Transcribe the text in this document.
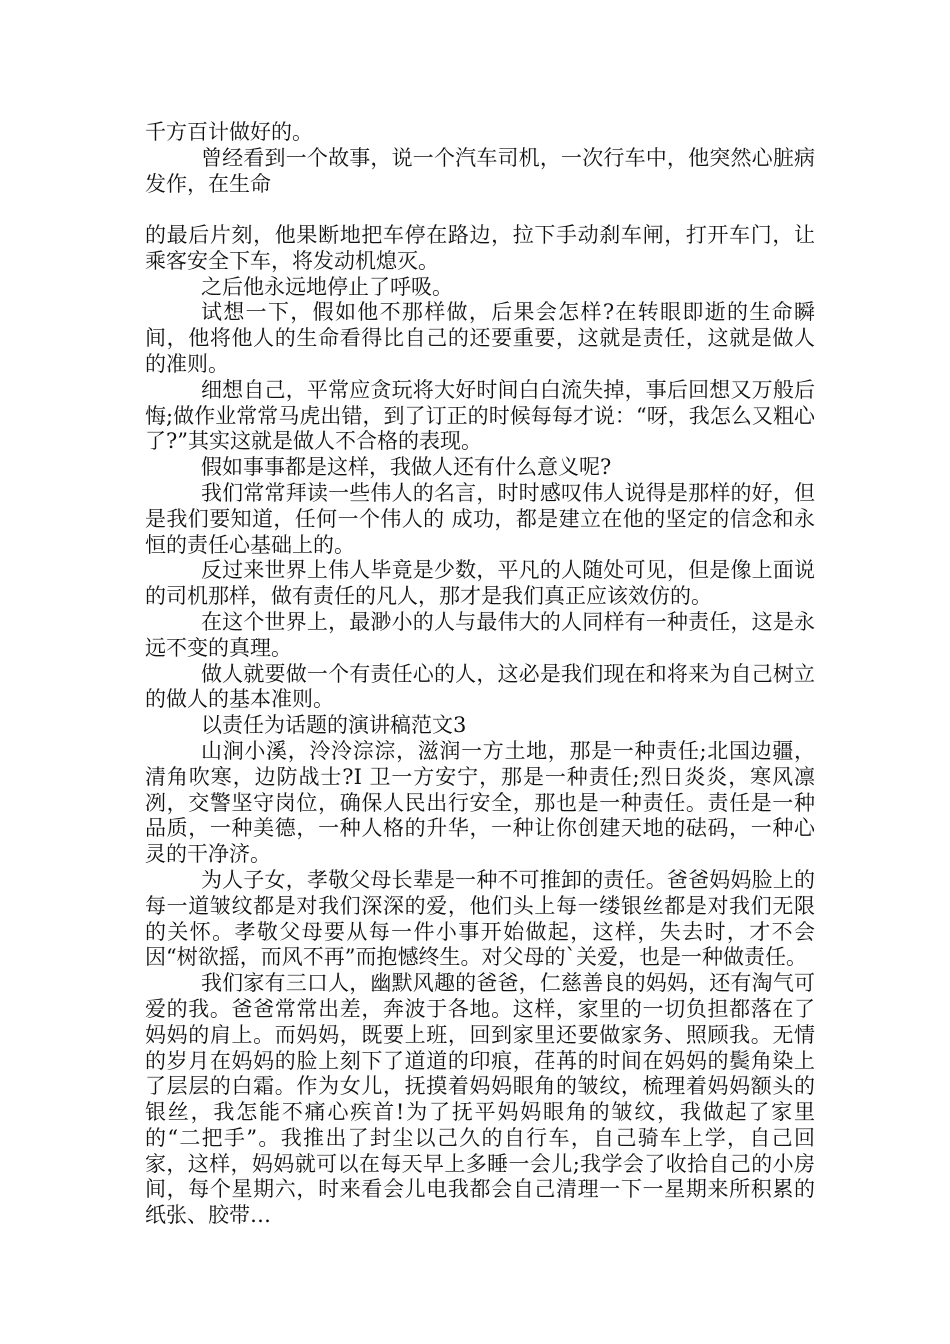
千方百计做好的。

曾经看到一个故事，说一个汽车司机，一次行车中，他突然心脏病发作，在生命

的最后片刻，他果断地把车停在路边，拉下手动刹车闸，打开车门，让乘客安全下车，将发动机熄灭。

之后他永远地停止了呼吸。

试想一下，假如他不那样做，后果会怎样?在转眼即逝的生命瞬间，他将他人的生命看得比自己的还要重要，这就是责任，这就是做人 的准则。

细想自己，平常应贪玩将大好时间白白流失掉，事后回想又万般后悔;做作业常常马虎出错，到了订正的时候每每才说：“呀，我怎么又粗心了?”其实这就是做人不合格的表现。

假如事事都是这样，我做人还有什么意义呢?

我们常常拜读一些伟人的名言，时时感叹伟人说得是那样的好，但是我们要知道，任何一个伟人的 成功，都是建立在他的坚定的信念和永恒的责任心基础上的。

反过来世界上伟人毕竟是少数，平凡的人随处可见，但是像上面说的司机那样，做有责任的凡人，那才是我们真正应该效仿的。

在这个世界上，最渺小的人与最伟大的人同样有一种责任，这是永远不变的真理。

做人就要做一个有责任心的人，这必是我们现在和将来为自己树立的做人的基本准则。

以责任为话题的演讲稿范文3

山涧小溪，泠泠淙淙，滋润一方土地，那是一种责任;北国边疆，清角吹寒，边防战士?I 卫一方安宁，那是一种责任;烈日炎炎，寒风凛冽，交警坚守岗位，确保人民出行安全，那也是一种责任。责任是一种品质，一种美德，一种人格的升华，一种让你创建天地的砝码，一种心灵的干净济。

为人子女，孝敬父母长辈是一种不可推卸的责任。爸爸妈妈脸上的每一道皱纹都是对我们深深的爱，他们头上每一缕银丝都是对我们无限的关怀。孝敬父母要从每一件小事开始做起，这样，失去时，才不会因“树欲摇，而风不再”而抱憾终生。对父母的`关爱，也是一种做责任。

我们家有三口人，幽默风趣的爸爸，仁慈善良的妈妈，还有淘气可爱的我。爸爸常常出差，奔波于各地。这样，家里的一切负担都落在了妈妈的肩上。而妈妈，既要上班，回到家里还要做家务、照顾我。无情的岁月在妈妈的脸上刻下了道道的印痕，荏苒的时间在妈妈的鬓角染上了层层的白霜。作为女儿，抚摸着妈妈眼角的皱纹，梳理着妈妈额头的银丝，我怎能不痛心疾首!为了抚平妈妈眼角的皱纹，我做起了家里的“二把手”。我推出了封尘以己久的自行车，自己骑车上学，自己回家，这样，妈妈就可以在每天早上多睡一会儿;我学会了收拾自己的小房间，每个星期六，时来看会儿电我都会自己清理一下一星期来所积累的纸张、胶带…
